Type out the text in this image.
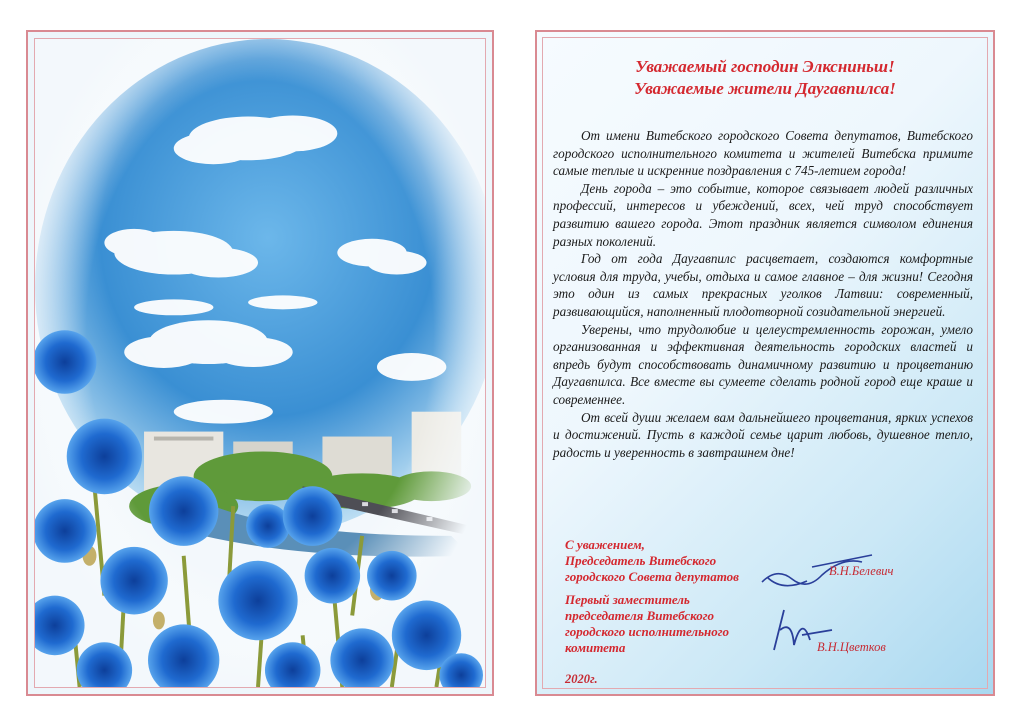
Уважаемый господин Элксниньш!
Уважаемые жители Даугавпилса!

От имени Витебского городского Совета депутатов, Витебского городского исполнительного комитета и жителей Витебска примите самые теплые и искренние поздравления с 745-летием города!

День города – это событие, которое связывает людей различных профессий, интересов и убеждений, всех, чей труд способствует развитию вашего города. Этот праздник является символом единения разных поколений.

Год от года Даугавпилс расцветает, создаются комфортные условия для труда, учебы, отдыха и самое главное – для жизни! Сегодня это один из самых прекрасных уголков Латвии: современный, развивающийся, наполненный плодотворной созидательной энергией.

Уверены, что трудолюбие и целеустремленность горожан, умело организованная и эффективная деятельность городских властей и впредь будут способствовать динамичному развитию и процветанию Даугавпилса. Все вместе вы сумеете сделать родной город еще краше и современнее.

От всей души желаем вам дальнейшего процветания, ярких успехов и достижений. Пусть в каждой семье царит любовь, душевное тепло, радость и уверенность в завтрашнем дне!

С уважением,
Председатель Витебского
городского Совета депутатов	В.Н.Белевич
Первый заместитель
председателя Витебского
городского исполнительного
комитета	В.Н.Цветков
2020г.
